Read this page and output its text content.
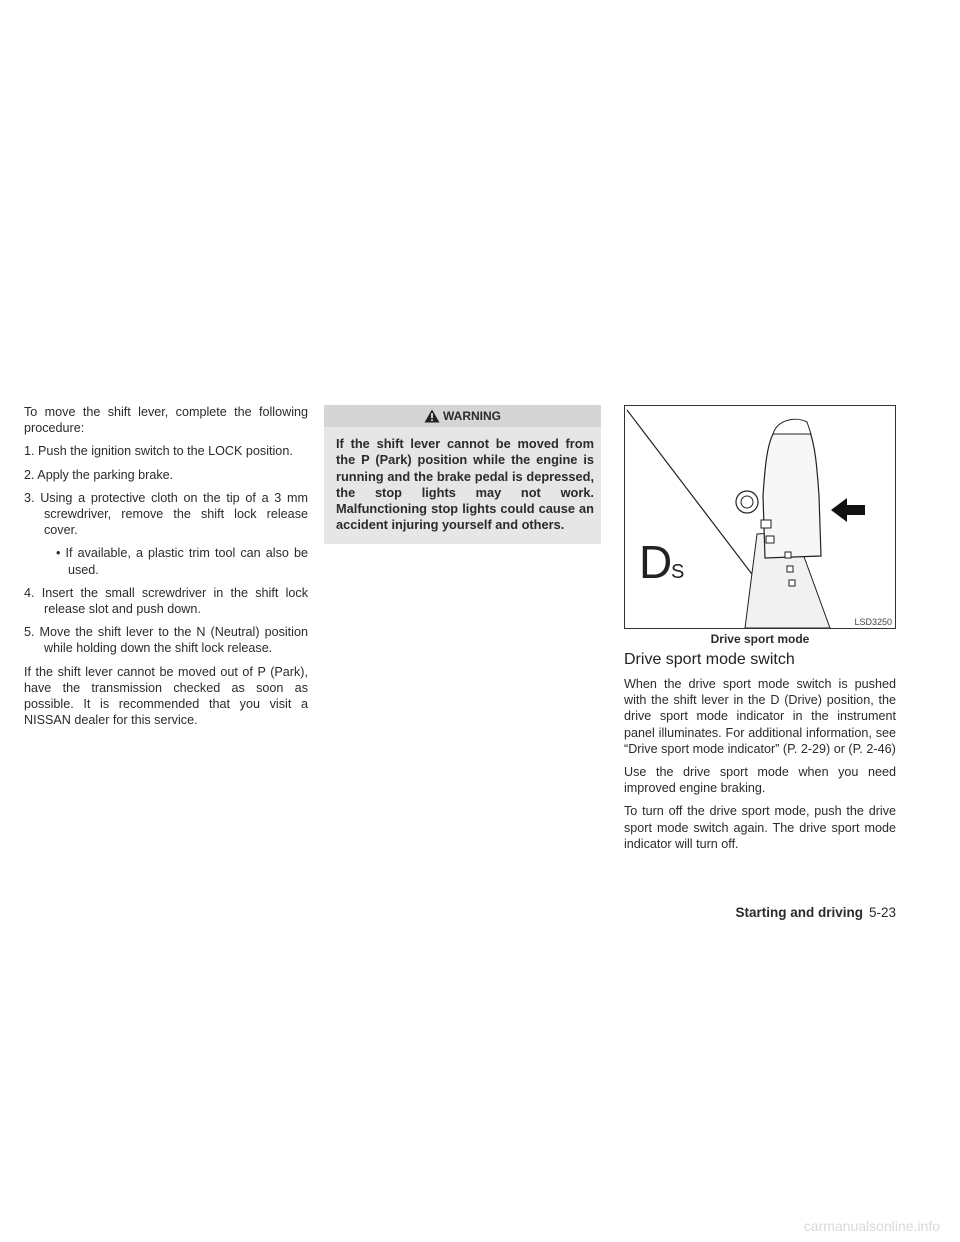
To move the shift lever, complete the following procedure:

1. Push the ignition switch to the LOCK position.
2. Apply the parking brake.
3. Using a protective cloth on the tip of a 3 mm screwdriver, remove the shift lock release cover.
• If available, a plastic trim tool can also be used.
4. Insert the small screwdriver in the shift lock release slot and push down.
5. Move the shift lever to the N (Neutral) position while holding down the shift lock release.

If the shift lever cannot be moved out of P (Park), have the transmission checked as soon as possible. It is recommended that you visit a NISSAN dealer for this service.

WARNING
If the shift lever cannot be moved from the P (Park) position while the engine is running and the brake pedal is depressed, the stop lights may not work. Malfunctioning stop lights could cause an accident injuring yourself and others.
D
S
LSD3250
Drive sport mode
Drive sport mode switch

When the drive sport mode switch is pushed with the shift lever in the D (Drive) position, the drive sport mode indicator in the instrument panel illuminates. For additional information, see “Drive sport mode indicator” (P. 2-29) or (P. 2-46)

Use the drive sport mode when you need improved engine braking.

To turn off the drive sport mode, push the drive sport mode switch again. The drive sport mode indicator will turn off.

Starting and driving 5-23
carmanualsonline.info
